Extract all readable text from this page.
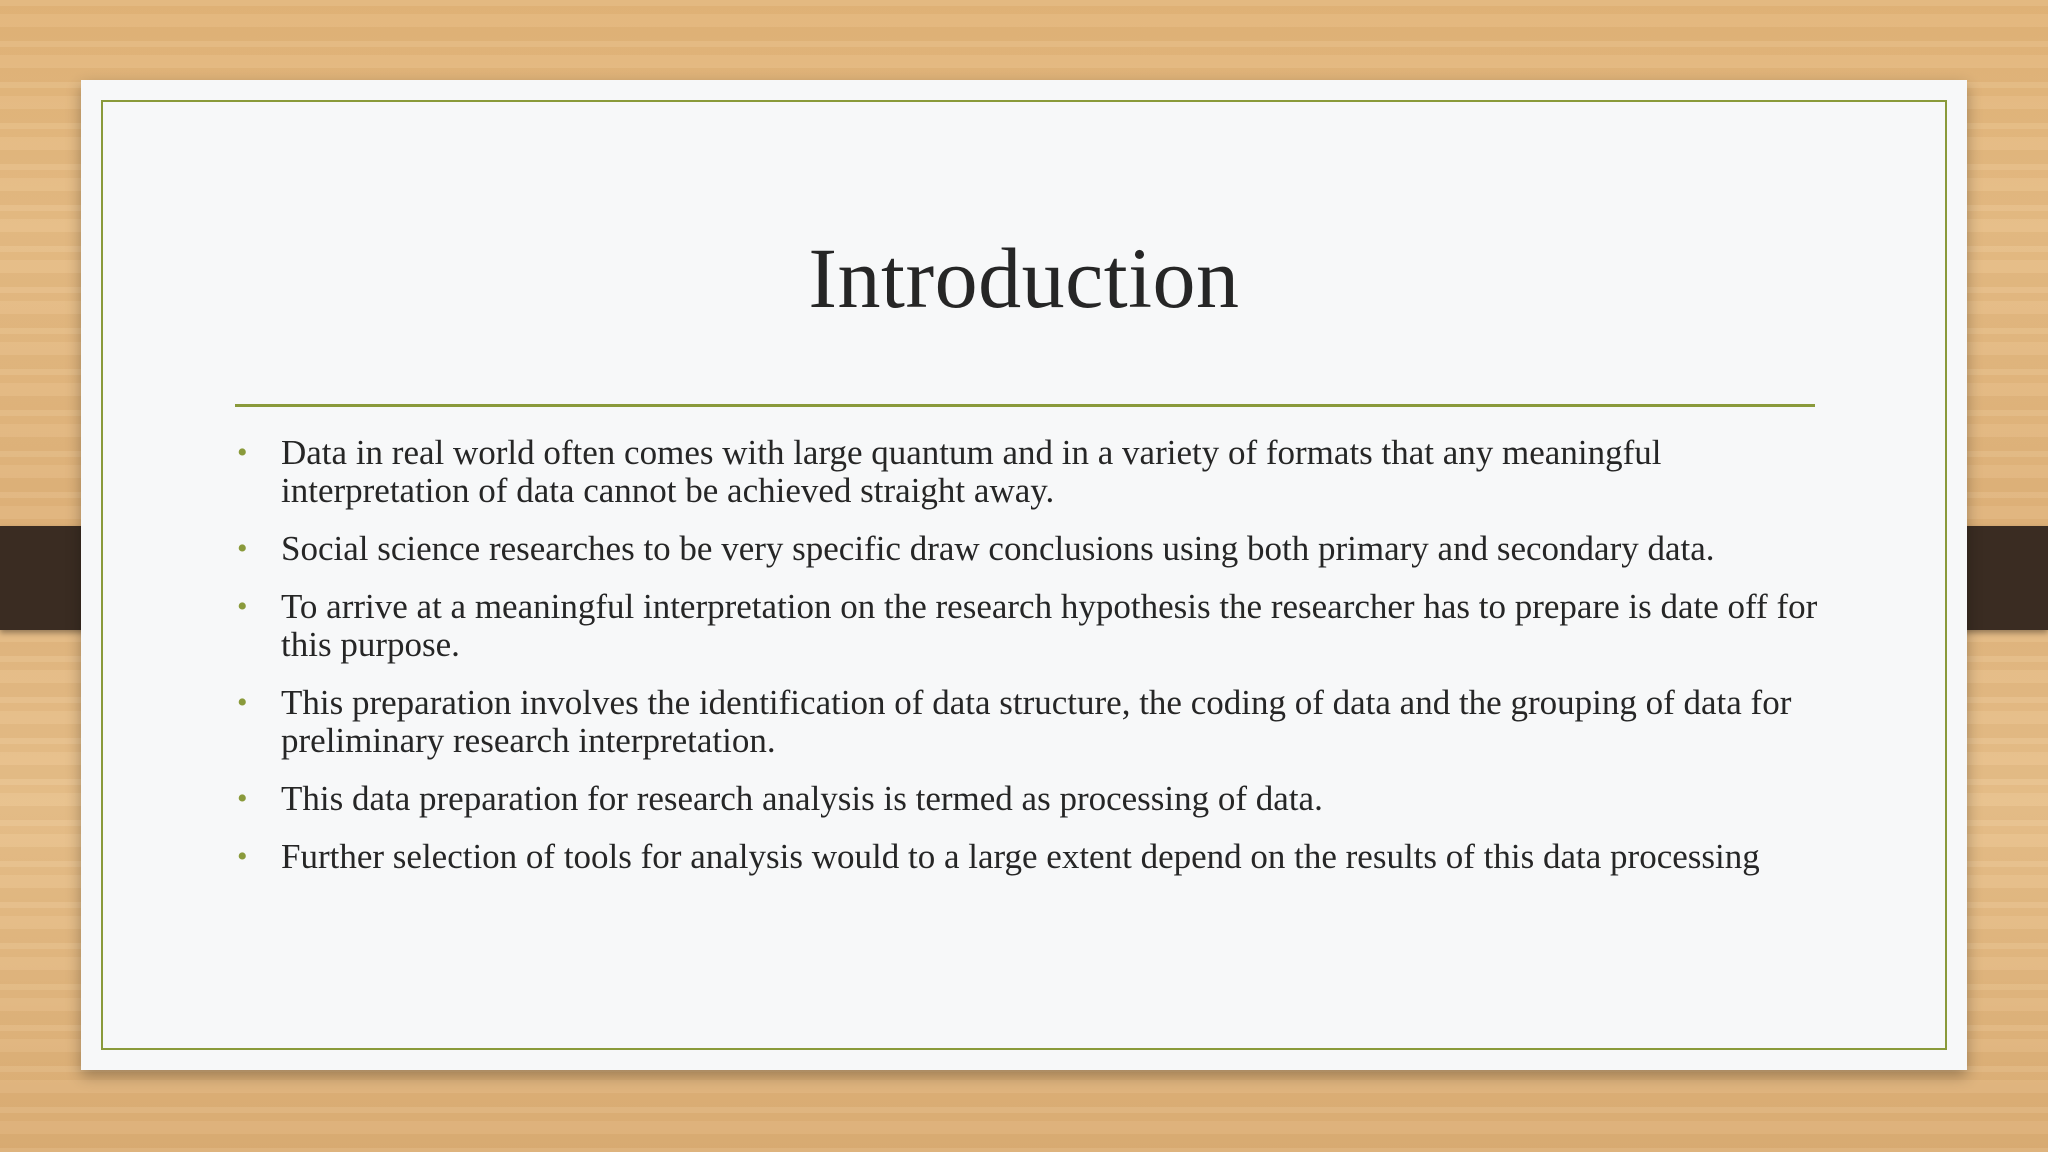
Introduction
• Data in real world often comes with large quantum and in a variety of formats that any meaningful interpretation of data cannot be achieved straight away.
• Social science researches to be very specific draw conclusions using both primary and secondary data.
• To arrive at a meaningful interpretation on the research hypothesis the researcher has to prepare is date off for this purpose.
• This preparation involves the identification of data structure, the coding of data and the grouping of data for preliminary research interpretation.
• This data preparation for research analysis is termed as processing of data.
• Further selection of tools for analysis would to a large extent depend on the results of this data processing
